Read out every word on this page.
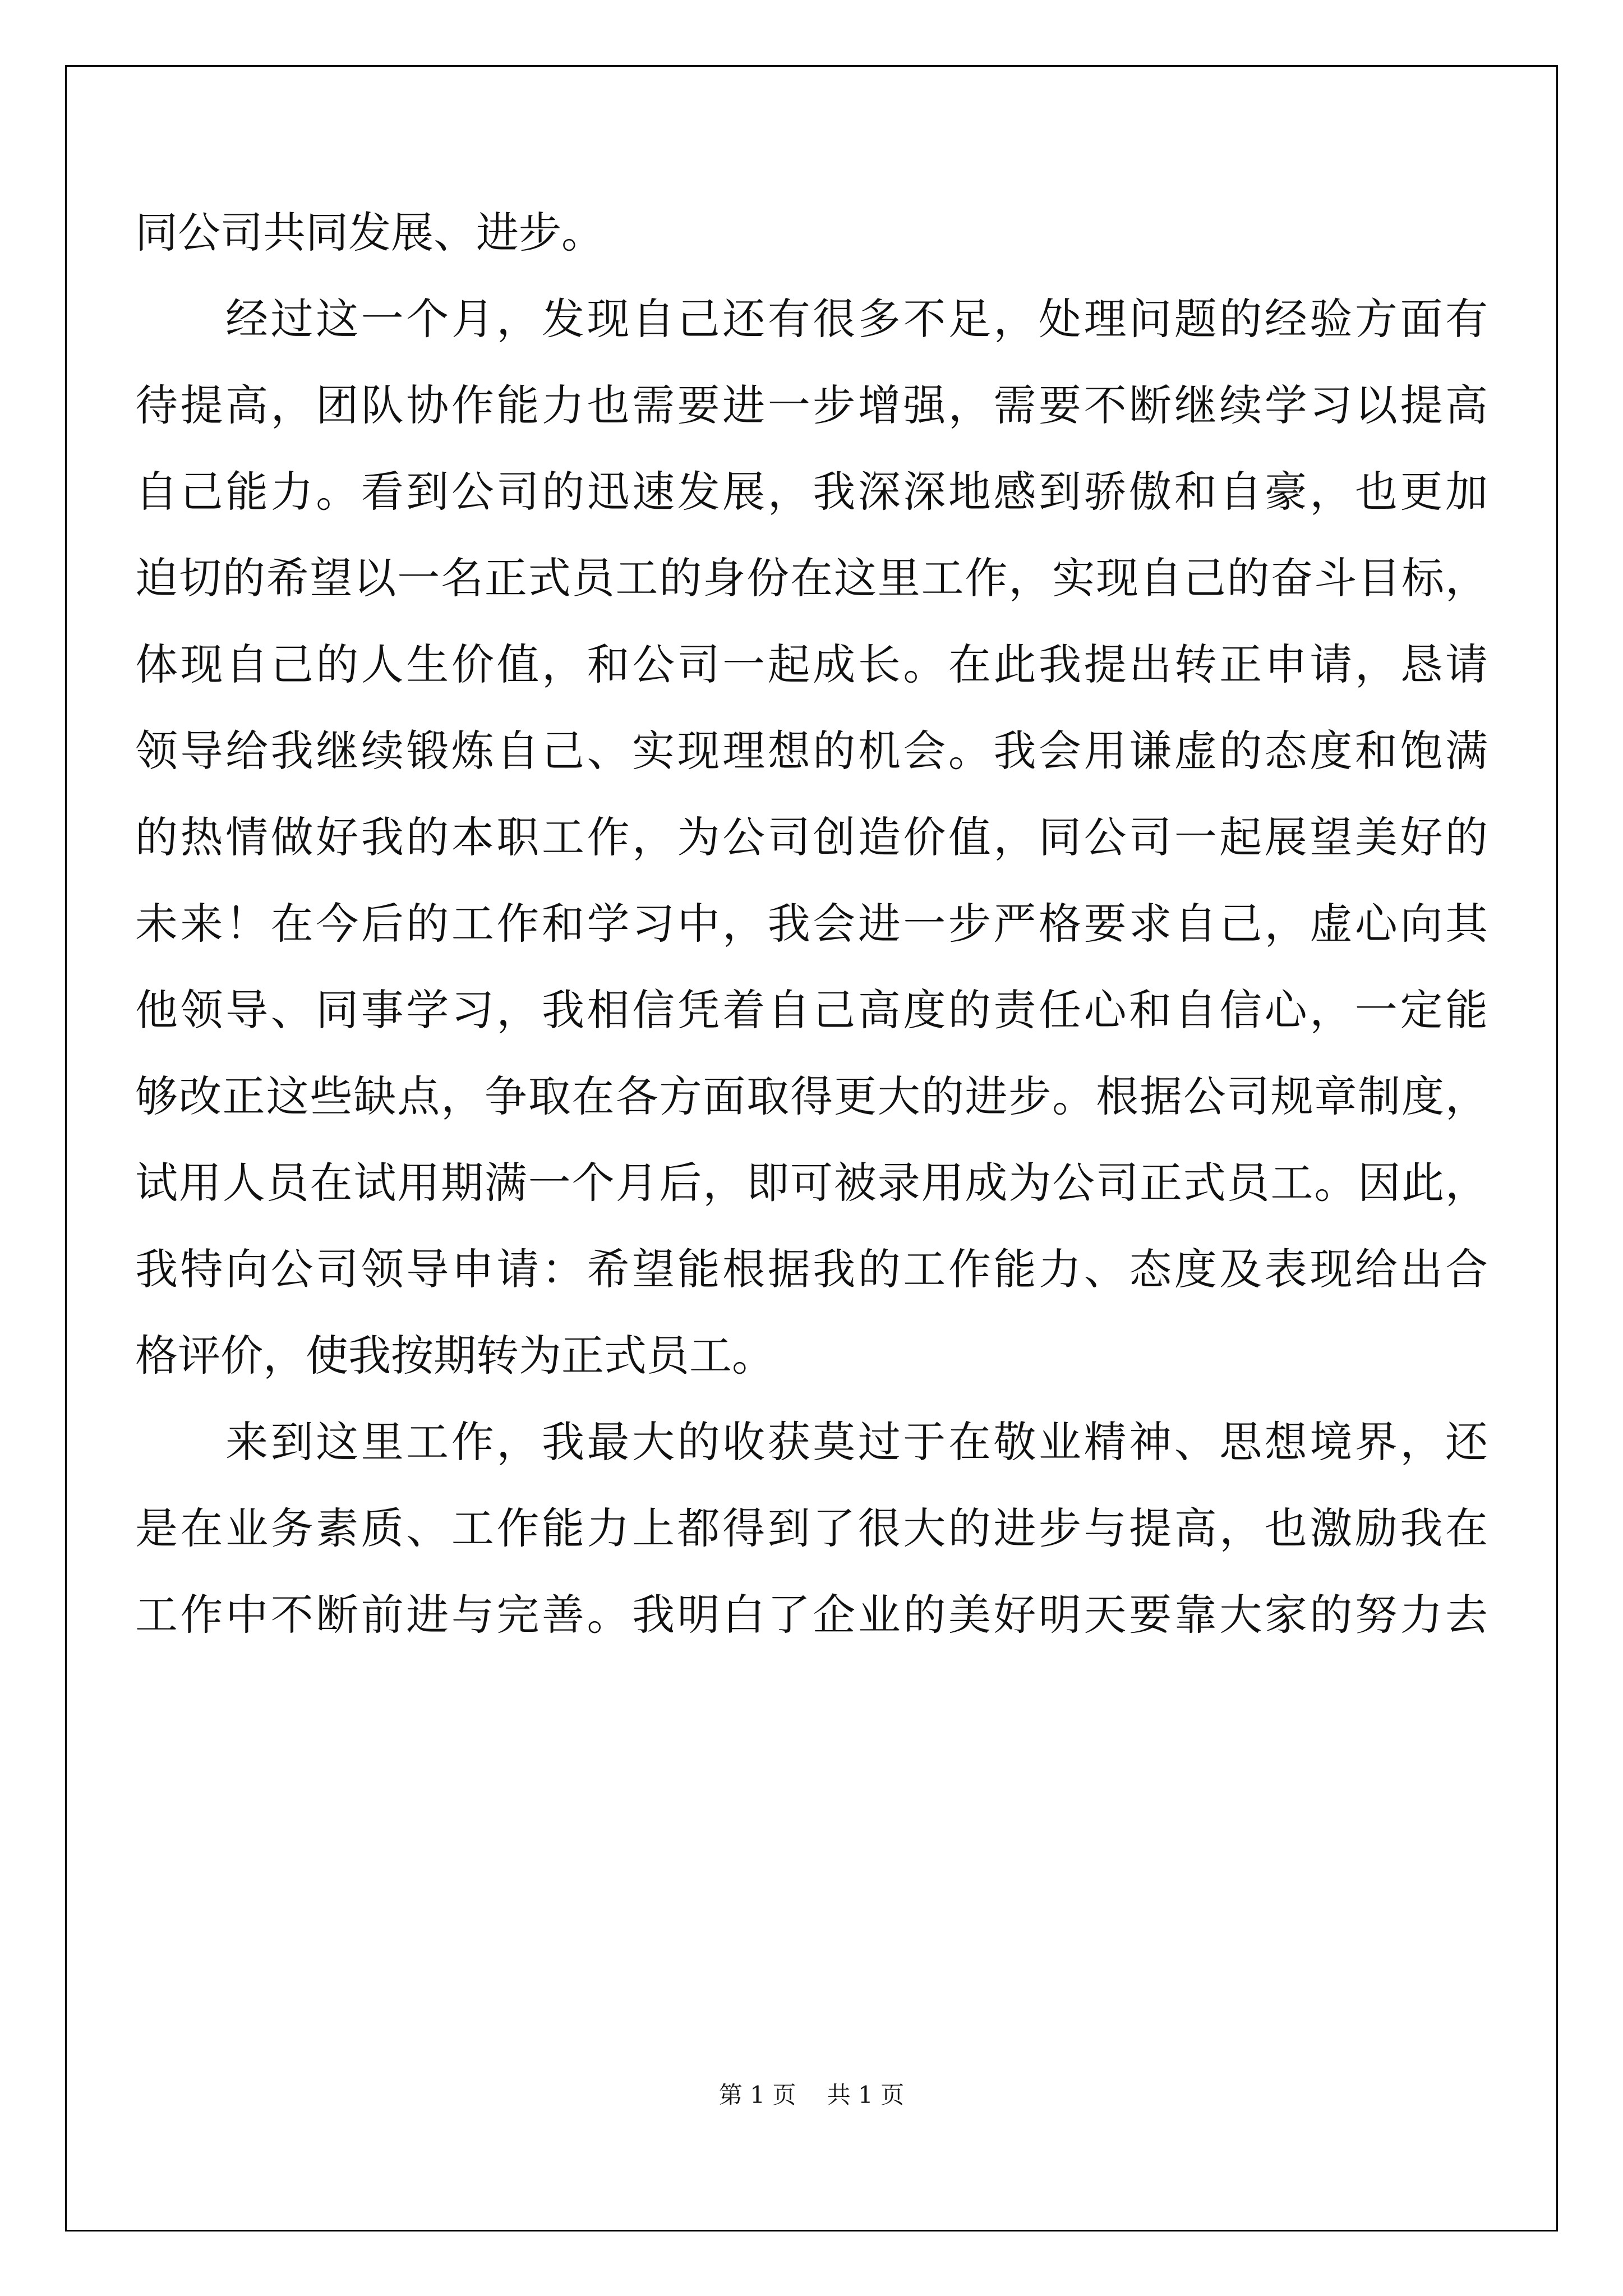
同公司共同发展、进步。
　　经过这一个月，发现自己还有很多不足，处理问题的经验方面有
待提高，团队协作能力也需要进一步增强，需要不断继续学习以提高
自己能力。看到公司的迅速发展，我深深地感到骄傲和自豪，也更加
迫切的希望以一名正式员工的身份在这里工作，实现自己的奋斗目标，
体现自己的人生价值，和公司一起成长。在此我提出转正申请，恳请
领导给我继续锻炼自己、实现理想的机会。我会用谦虚的态度和饱满
的热情做好我的本职工作，为公司创造价值，同公司一起展望美好的
未来！在今后的工作和学习中，我会进一步严格要求自己，虚心向其
他领导、同事学习，我相信凭着自己高度的责任心和自信心，一定能
够改正这些缺点，争取在各方面取得更大的进步。根据公司规章制度，
试用人员在试用期满一个月后，即可被录用成为公司正式员工。因此，
我特向公司领导申请：希望能根据我的工作能力、态度及表现给出合
格评价，使我按期转为正式员工。
　　来到这里工作，我最大的收获莫过于在敬业精神、思想境界，还
是在业务素质、工作能力上都得到了很大的进步与提高，也激励我在
工作中不断前进与完善。我明白了企业的美好明天要靠大家的努力去
第 1 页　 共 1 页
